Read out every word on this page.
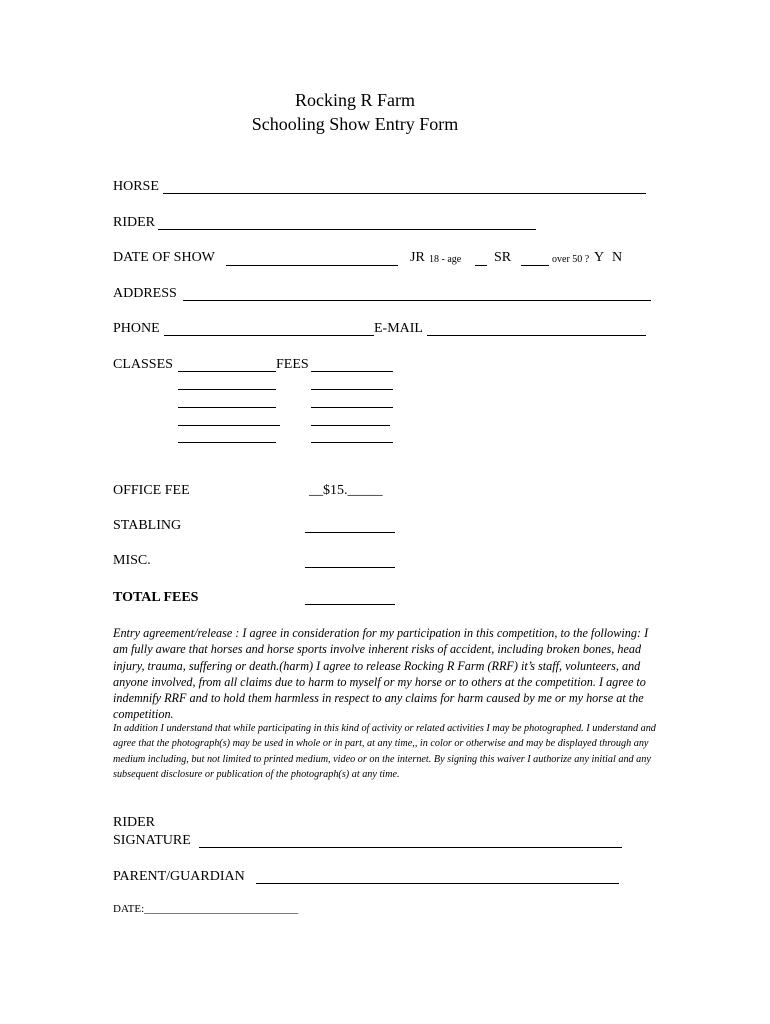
Rocking R Farm
Schooling Show Entry Form
HORSE
RIDER
DATE OF SHOW	JR 18 - age SR	over 50 ? Y N
ADDRESS
PHONE	E-MAIL
CLASSES	FEES
OFFICE FEE	__$15._____
STABLING
MISC.
TOTAL FEES
Entry agreement/release : I agree in consideration for my participation in this competition, to the following: I am fully aware that horses and horse sports involve inherent risks of accident, including broken bones, head injury, trauma, suffering or death.(harm) I agree to release Rocking R Farm (RRF) it’s staff, volunteers, and anyone involved, from all claims due to harm to myself or my horse or to others at the competition. I agree to indemnify RRF and to hold them harmless in respect to any claims for harm caused by me or my horse at the competition.
In addition I understand that while participating in this kind of activity or related activities I may be photographed. I understand and agree that the photograph(s) may be used in whole or in part, at any time,, in color or otherwise and may be displayed through any medium including, but not limited to printed medium, video or on the internet. By signing this waiver I authorize any initial and any subsequent disclosure or publication of the photograph(s) at any time.
RIDER
SIGNATURE
PARENT/GUARDIAN
DATE:____________________________
